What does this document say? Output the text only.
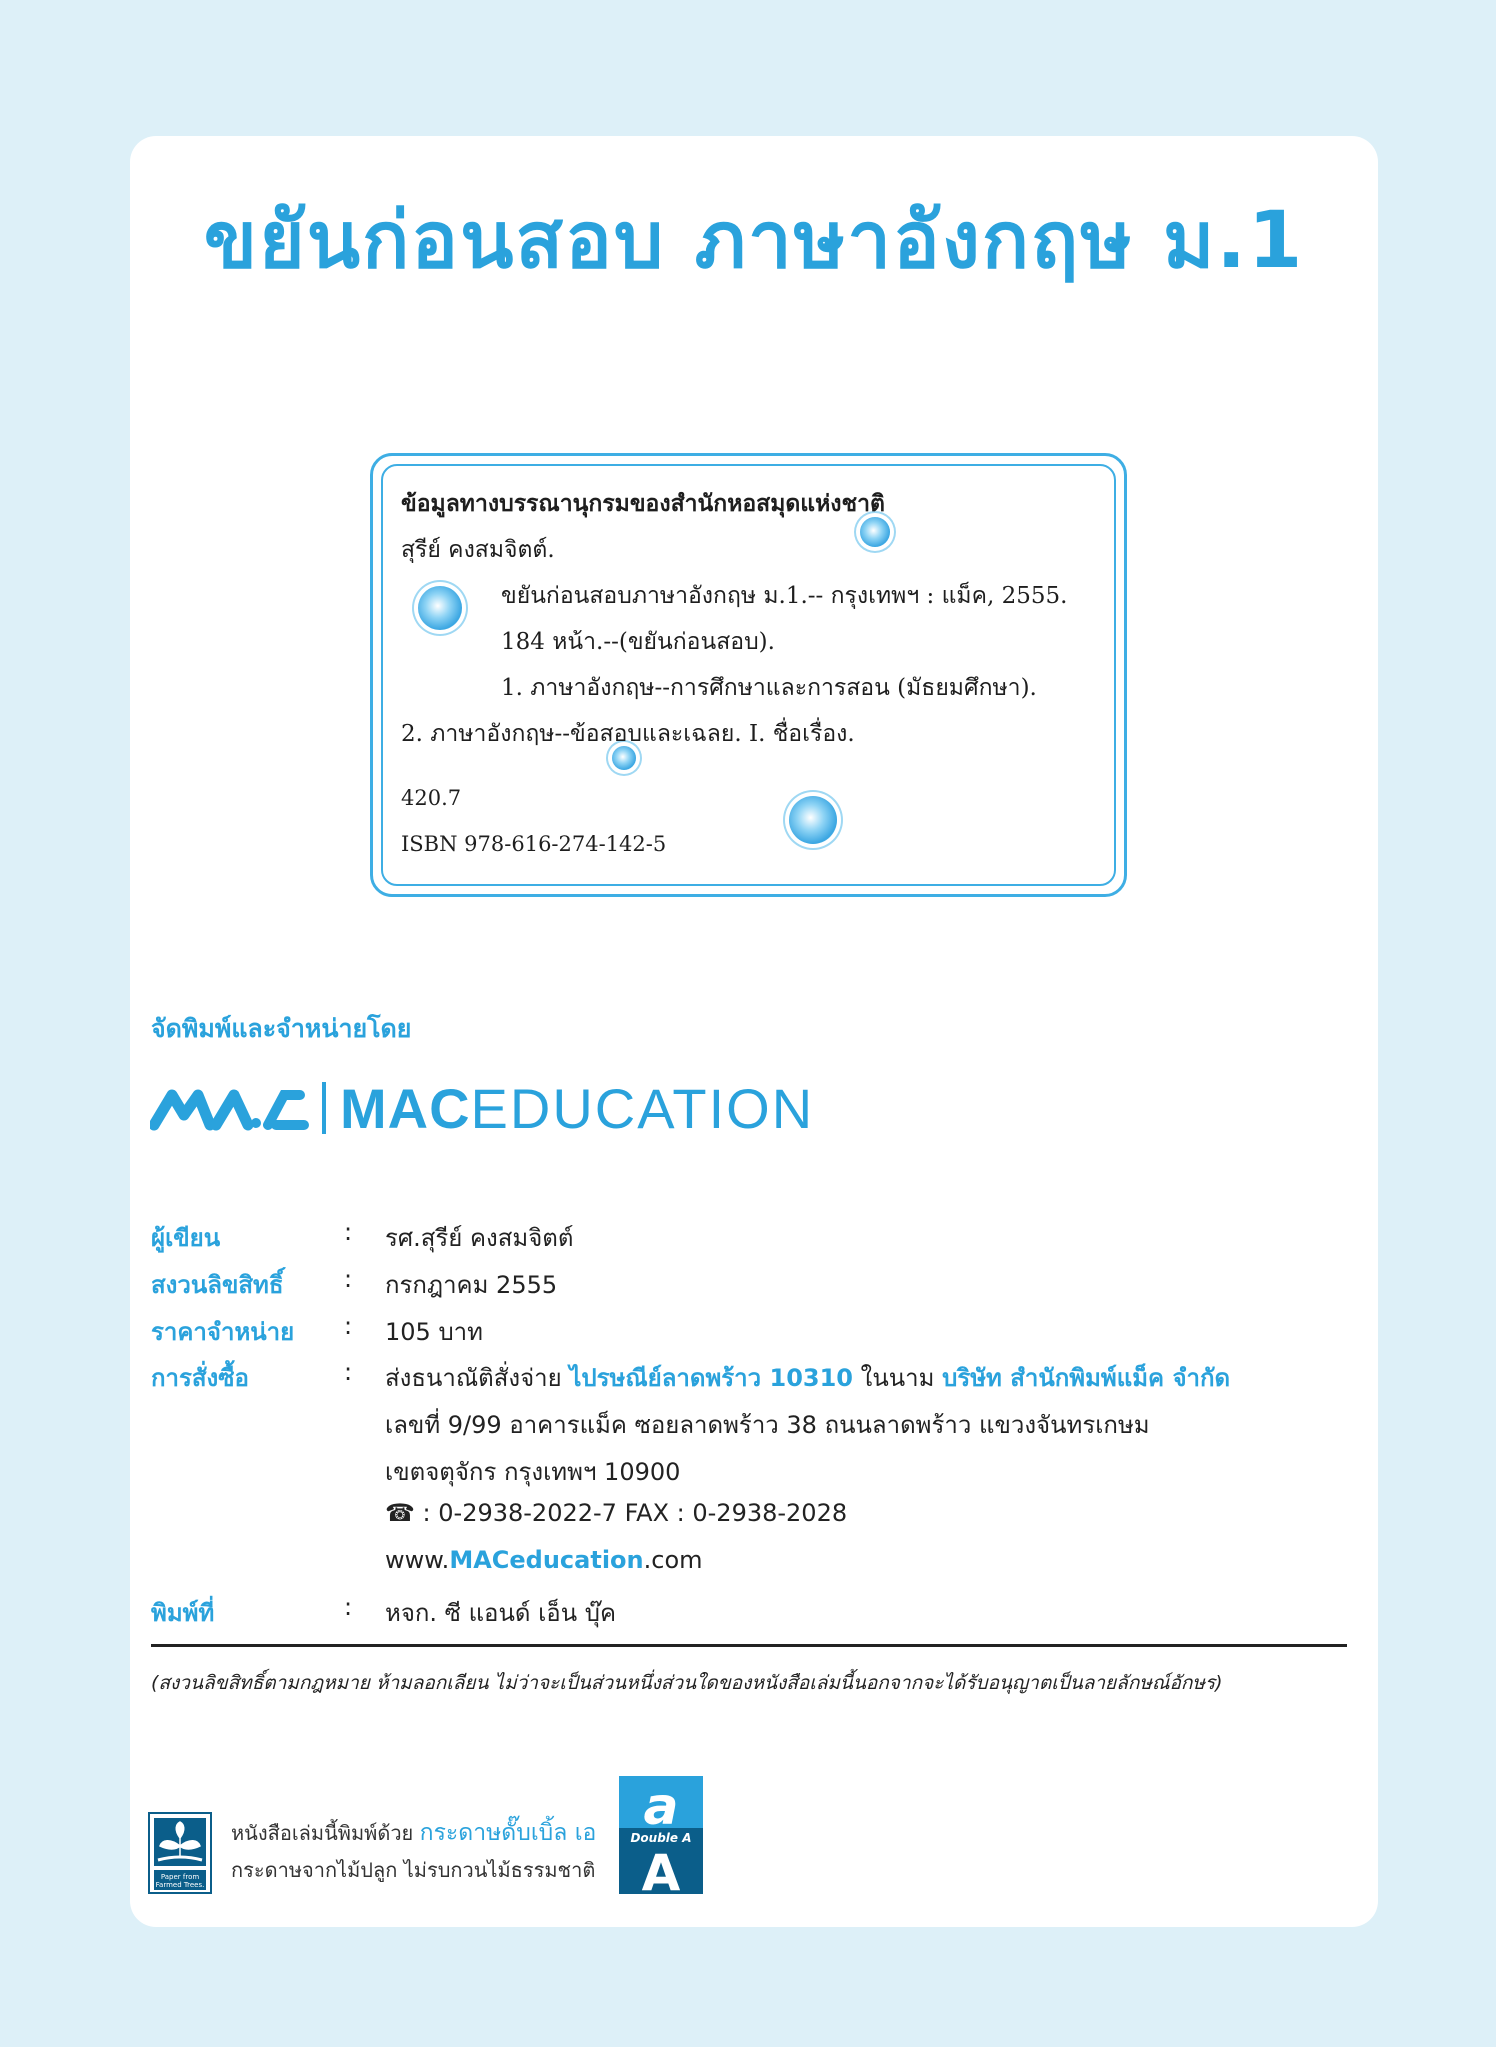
ขยันก่อนสอบ ภาษาอังกฤษ ม.1
ข้อมูลทางบรรณานุกรมของสำนักหอสมุดแห่งชาติ
สุรีย์ คงสมจิตต์.
ขยันก่อนสอบภาษาอังกฤษ ม.1.-- กรุงเทพฯ : แม็ค, 2555.
184 หน้า.--(ขยันก่อนสอบ).
1. ภาษาอังกฤษ--การศึกษาและการสอน (มัธยมศึกษา).
2. ภาษาอังกฤษ--ข้อสอบและเฉลย. I. ชื่อเรื่อง.
420.7
ISBN 978-616-274-142-5
จัดพิมพ์และจำหน่ายโดย
MAC EDUCATION
ผู้เขียน	: รศ.สุรีย์ คงสมจิตต์
สงวนลิขสิทธิ์	: กรกฎาคม 2555
ราคาจำหน่าย : 105 บาท
การสั่งซื้อ	: ส่งธนาณัติสั่งจ่าย ไปรษณีย์ลาดพร้าว 10310 ในนาม บริษัท สำนักพิมพ์แม็ค จำกัด
เลขที่ 9/99 อาคารแม็ค ซอยลาดพร้าว 38 ถนนลาดพร้าว แขวงจันทรเกษม
เขตจตุจักร กรุงเทพฯ 10900
☎ : 0-2938-2022-7 FAX : 0-2938-2028
www.MACeducation.com
พิมพ์ที่	: หจก. ซี แอนด์ เอ็น บุ๊ค
(สงวนลิขสิทธิ์ตามกฎหมาย ห้ามลอกเลียน ไม่ว่าจะเป็นส่วนหนึ่งส่วนใดของหนังสือเล่มนี้นอกจากจะได้รับอนุญาตเป็นลายลักษณ์อักษร)
Paper from
Farmed Trees.
หนังสือเล่มนี้พิมพ์ด้วย กระดาษดั๊บเบิ้ล เอ
กระดาษจากไม้ปลูก ไม่รบกวนไม้ธรรมชาติ
a
Double A
A
